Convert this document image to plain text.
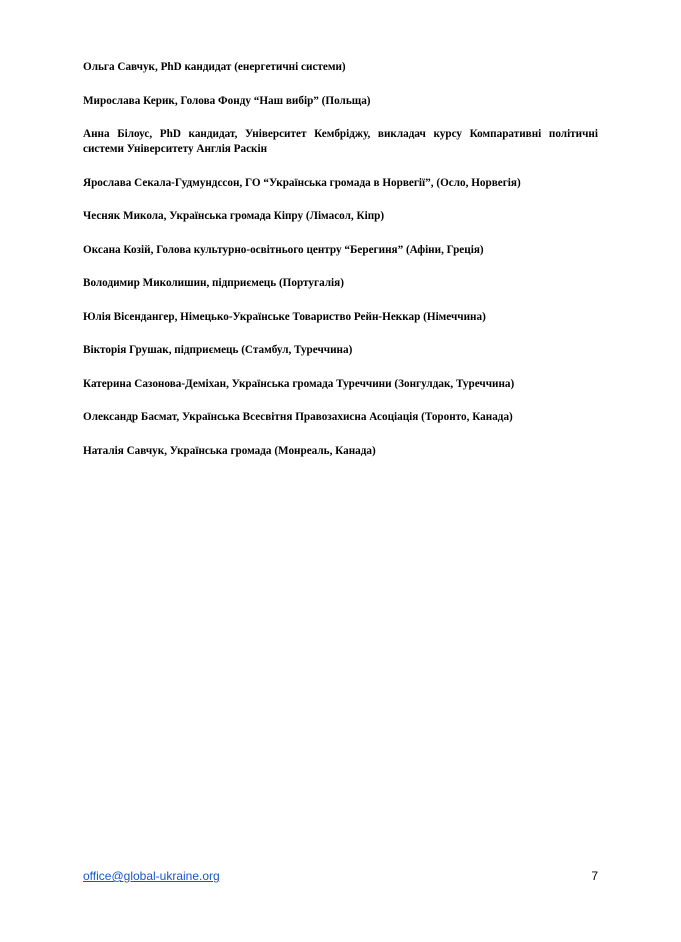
Ольга Савчук, PhD кандидат (енергетичні системи)

Мирослава Керик, Голова Фонду “Наш вибір” (Польща)

Анна Білоус, PhD кандидат, Університет Кембріджу, викладач курсу Компаративні політичні системи Університету Англія Раскін

Ярослава Секала-Гудмундссон, ГО “Українська громада в Норвегії”, (Осло, Норвегія)

Чесняк Микола, Українська громада Кіпру (Лімасол, Кіпр)

Оксана Козій, Голова культурно-освітнього центру “Берегиня” (Афіни, Греція)

Володимир Миколишин, підприємець (Португалія)

Юлія Вісендангер, Німецько-Українське Товариство Рейн-Неккар (Німеччина)

Вікторія Грушак, підприємець (Стамбул, Туреччина)

Катерина Сазонова-Деміхан, Українська громада Туреччини (Зонгулдак, Туреччина)

Олександр Басмат, Українська Всесвітня Правозахисна Асоціація (Торонто, Канада)

Наталія Савчук, Українська громада (Монреаль, Канада)

office@global-ukraine.org	7
